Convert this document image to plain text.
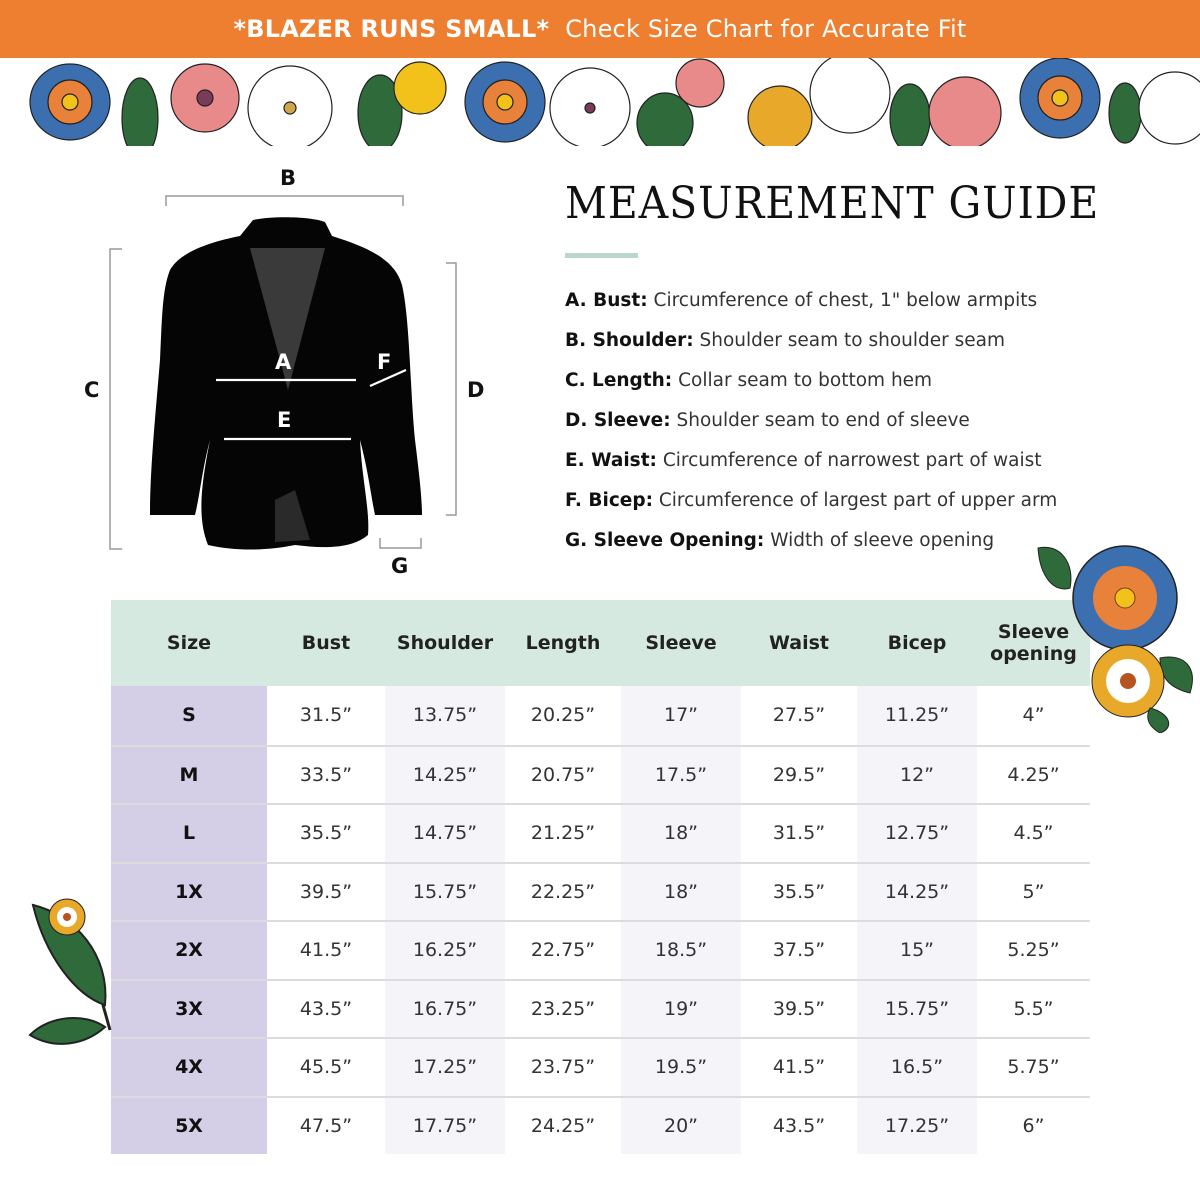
*BLAZER RUNS SMALL* Check Size Chart for Accurate Fit
B
C	D
A
E
F
G
MEASUREMENT GUIDE
A. Bust: Circumference of chest, 1" below armpits
B. Shoulder: Shoulder seam to shoulder seam
C. Length: Collar seam to bottom hem
D. Sleeve: Shoulder seam to end of sleeve
E. Waist: Circumference of narrowest part of waist
F. Bicep: Circumference of largest part of upper arm
G. Sleeve Opening: Width of sleeve opening
Size	Bust	Shoulder	Length	Sleeve	Waist	Bicep	Sleeve opening
S	31.5”	13.75”	20.25”	17”	27.5”	11.25”	4”
M	33.5”	14.25”	20.75”	17.5”	29.5”	12”	4.25”
L	35.5”	14.75”	21.25”	18”	31.5”	12.75”	4.5”
1X	39.5”	15.75”	22.25”	18”	35.5”	14.25”	5”
2X	41.5”	16.25”	22.75”	18.5”	37.5”	15”	5.25”
3X	43.5”	16.75”	23.25”	19”	39.5”	15.75”	5.5”
4X	45.5”	17.25”	23.75”	19.5”	41.5”	16.5”	5.75”
5X	47.5”	17.75”	24.25”	20”	43.5”	17.25”	6”
